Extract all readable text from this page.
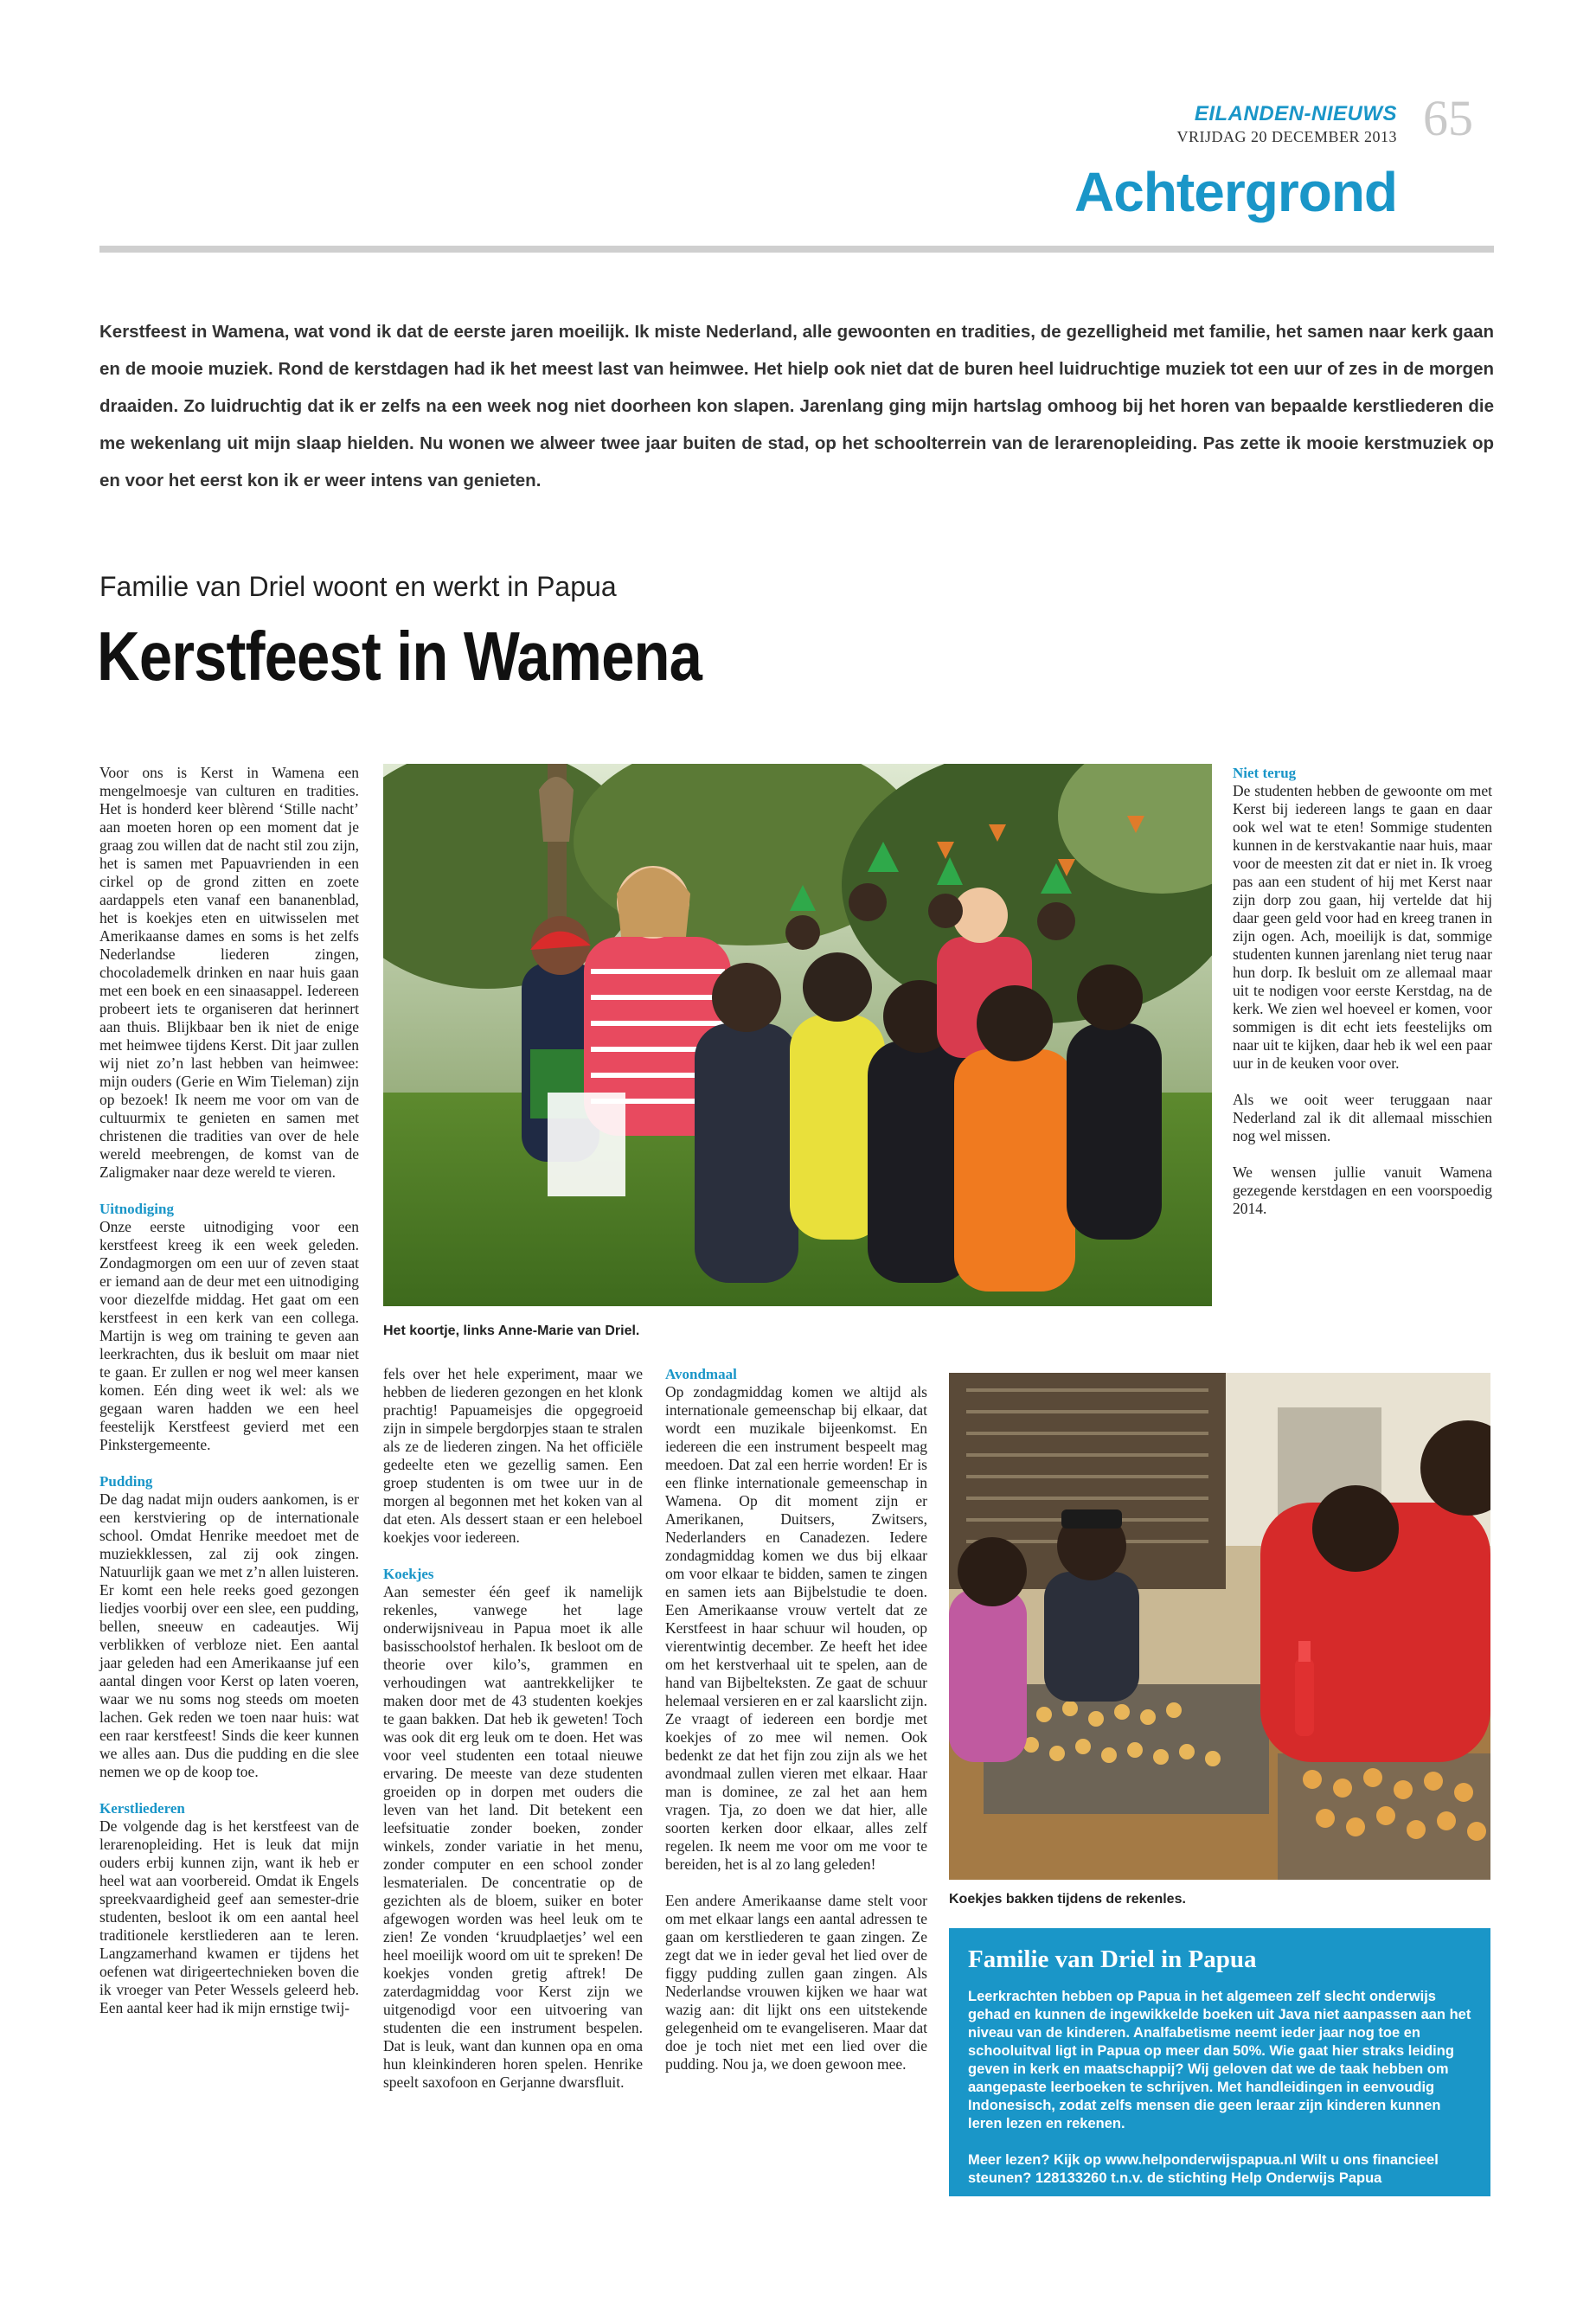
EILANDEN-NIEUWS
VRIJDAG 20 DECEMBER 2013 65
Achtergrond

Kerstfeest in Wamena, wat vond ik dat de eerste jaren moeilijk. Ik miste Nederland, alle gewoonten en tradities, de gezelligheid met familie, het samen naar kerk gaan en de mooie muziek. Rond de kerstdagen had ik het meest last van heimwee. Het hielp ook niet dat de buren heel luidruchtige muziek tot een uur of zes in de morgen draaiden. Zo luidruchtig dat ik er zelfs na een week nog niet doorheen kon slapen. Jarenlang ging mijn hartslag omhoog bij het horen van bepaalde kerstliederen die me wekenlang uit mijn slaap hielden. Nu wonen we alweer twee jaar buiten de stad, op het schoolterrein van de lerarenopleiding. Pas zette ik mooie kerstmuziek op en voor het eerst kon ik er weer intens van genieten.

Familie van Driel woont en werkt in Papua
Kerstfeest in Wamena

Voor ons is Kerst in Wamena een mengelmoesje van culturen en tradities. Het is honderd keer blèrend ‘Stille nacht’ aan moeten horen op een moment dat je graag zou willen dat de nacht stil zou zijn, het is samen met Papuavrienden in een cirkel op de grond zitten en zoete aardappels eten vanaf een bananenblad, het is koekjes eten en uitwisselen met Amerikaanse dames en soms is het zelfs Nederlandse liederen zingen, chocolademelk drinken en naar huis gaan met een boek en een sinaasappel. Iedereen probeert iets te organiseren dat herinnert aan thuis. Blijkbaar ben ik niet de enige met heimwee tijdens Kerst. Dit jaar zullen wij niet zo’n last hebben van heimwee: mijn ouders (Gerie en Wim Tieleman) zijn op bezoek! Ik neem me voor om van de cultuurmix te genieten en samen met christenen die tradities van over de hele wereld meebrengen, de komst van de Zaligmaker naar deze wereld te vieren.

Uitnodiging

Onze eerste uitnodiging voor een kerstfeest kreeg ik een week geleden. Zondagmorgen om een uur of zeven staat er iemand aan de deur met een uitnodiging voor diezelfde middag. Het gaat om een kerstfeest in een kerk van een collega. Martijn is weg om training te geven aan leerkrachten, dus ik besluit om maar niet te gaan. Er zullen er nog wel meer kansen komen. Eén ding weet ik wel: als we gegaan waren hadden we een heel feestelijk Kerstfeest gevierd met een Pinkstergemeente.

Pudding

De dag nadat mijn ouders aankomen, is er een kerstviering op de internationale school. Omdat Henrike meedoet met de muziekklessen, zal zij ook zingen. Natuurlijk gaan we met z’n allen luisteren. Er komt een hele reeks goed gezongen liedjes voorbij over een slee, een pudding, bellen, sneeuw en cadeautjes. Wij verblikken of verbloze niet. Een aantal jaar geleden had een Amerikaanse juf een aantal dingen voor Kerst op laten voeren, waar we nu soms nog steeds om moeten lachen. Gek reden we toen naar huis: wat een raar kerstfeest! Sinds die keer kunnen we alles aan. Dus die pudding en die slee nemen we op de koop toe.

Kerstliederen

De volgende dag is het kerstfeest van de lerarenopleiding. Het is leuk dat mijn ouders erbij kunnen zijn, want ik heb er heel wat aan voorbereid. Omdat ik Engels spreekvaardigheid geef aan semester-drie studenten, besloot ik om een aantal heel traditionele kerstliederen aan te leren. Langzamerhand kwamen er tijdens het oefenen wat dirigeertechnieken boven die ik vroeger van Peter Wessels geleerd heb. Een aantal keer had ik mijn ernstige twij-

Het koortje, links Anne-Marie van Driel.

fels over het hele experiment, maar we hebben de liederen gezongen en het klonk prachtig! Papuameisjes die opgegroeid zijn in simpele bergdorpjes staan te stralen als ze de liederen zingen. Na het officiële gedeelte eten we gezellig samen. Een groep studenten is om twee uur in de morgen al begonnen met het koken van al dat eten. Als dessert staan er een heleboel koekjes voor iedereen.

Koekjes

Aan semester één geef ik namelijk rekenles, vanwege het lage onderwijsniveau in Papua moet ik alle basisschoolstof herhalen. Ik besloot om de theorie over kilo’s, grammen en verhoudingen wat aantrekkelijker te maken door met de 43 studenten koekjes te gaan bakken. Dat heb ik geweten! Toch was ook dit erg leuk om te doen. Het was voor veel studenten een totaal nieuwe ervaring. De meeste van deze studenten groeiden op in dorpen met ouders die leven van het land. Dit betekent een leefsituatie zonder boeken, zonder winkels, zonder variatie in het menu, zonder computer en een school zonder lesmaterialen. De concentratie op de gezichten als de bloem, suiker en boter afgewogen worden was heel leuk om te zien! Ze vonden ‘kruudplaetjes’ wel een heel moeilijk woord om uit te spreken! De koekjes vonden gretig aftrek! De zaterdagmiddag voor Kerst zijn we uitgenodigd voor een uitvoering van studenten die een instrument bespelen. Dat is leuk, want dan kunnen opa en oma hun kleinkinderen horen spelen. Henrike speelt saxofoon en Gerjanne dwarsfluit.

Avondmaal

Op zondagmiddag komen we altijd als internationale gemeenschap bij elkaar, dat wordt een muzikale bijeenkomst. En iedereen die een instrument bespeelt mag meedoen. Dat zal een herrie worden! Er is een flinke internationale gemeenschap in Wamena. Op dit moment zijn er Amerikanen, Duitsers, Zwitsers, Nederlanders en Canadezen. Iedere zondagmiddag komen we dus bij elkaar om voor elkaar te bidden, samen te zingen en samen iets aan Bijbelstudie te doen. Een Amerikaanse vrouw vertelt dat ze Kerstfeest in haar schuur wil houden, op vierentwintig december. Ze heeft het idee om het kerstverhaal uit te spelen, aan de hand van Bijbelteksten. Ze gaat de schuur helemaal versieren en er zal kaarslicht zijn. Ze vraagt of iedereen een bordje met koekjes of zo mee wil nemen. Ook bedenkt ze dat het fijn zou zijn als we het avondmaal zullen vieren met elkaar. Haar man is dominee, ze zal het aan hem vragen. Tja, zo doen we dat hier, alle soorten kerken door elkaar, alles zelf regelen. Ik neem me voor om me voor te bereiden, het is al zo lang geleden!

Een andere Amerikaanse dame stelt voor om met elkaar langs een aantal adressen te gaan om kerstliederen te gaan zingen. Ze zegt dat we in ieder geval het lied over de figgy pudding zullen gaan zingen. Als Nederlandse vrouwen kijken we haar wat wazig aan: dit lijkt ons een uitstekende gelegenheid om te evangeliseren. Maar dat doe je toch niet met een lied over die pudding. Nou ja, we doen gewoon mee.

Niet terug

De studenten hebben de gewoonte om met Kerst bij iedereen langs te gaan en daar ook wel wat te eten! Sommige studenten kunnen in de kerstvakantie naar huis, maar voor de meesten zit dat er niet in. Ik vroeg pas aan een student of hij met Kerst naar zijn dorp zou gaan, hij vertelde dat hij daar geen geld voor had en kreeg tranen in zijn ogen. Ach, moeilijk is dat, sommige studenten kunnen jarenlang niet terug naar hun dorp. Ik besluit om ze allemaal maar uit te nodigen voor eerste Kerstdag, na de kerk. We zien wel hoeveel er komen, voor sommigen is dit echt iets feestelijks om naar uit te kijken, daar heb ik wel een paar uur in de keuken voor over.

Als we ooit weer teruggaan naar Nederland zal ik dit allemaal misschien nog wel missen.

We wensen jullie vanuit Wamena gezegende kerstdagen en een voorspoedig 2014.

Koekjes bakken tijdens de rekenles.
Familie van Driel in Papua

Leerkrachten hebben op Papua in het algemeen zelf slecht onderwijs gehad en kunnen de ingewikkelde boeken uit Java niet aanpassen aan het niveau van de kinderen. Analfabetisme neemt ieder jaar nog toe en schooluitval ligt in Papua op meer dan 50%. Wie gaat hier straks leiding geven in kerk en maatschappij? Wij geloven dat we de taak hebben om aangepaste leerboeken te schrijven. Met handleidingen in eenvoudig Indonesisch, zodat zelfs mensen die geen leraar zijn kinderen kunnen leren lezen en rekenen.

Meer lezen? Kijk op www.helponderwijspapua.nl Wilt u ons financieel steunen? 128133260 t.n.v. de stichting Help Onderwijs Papua
